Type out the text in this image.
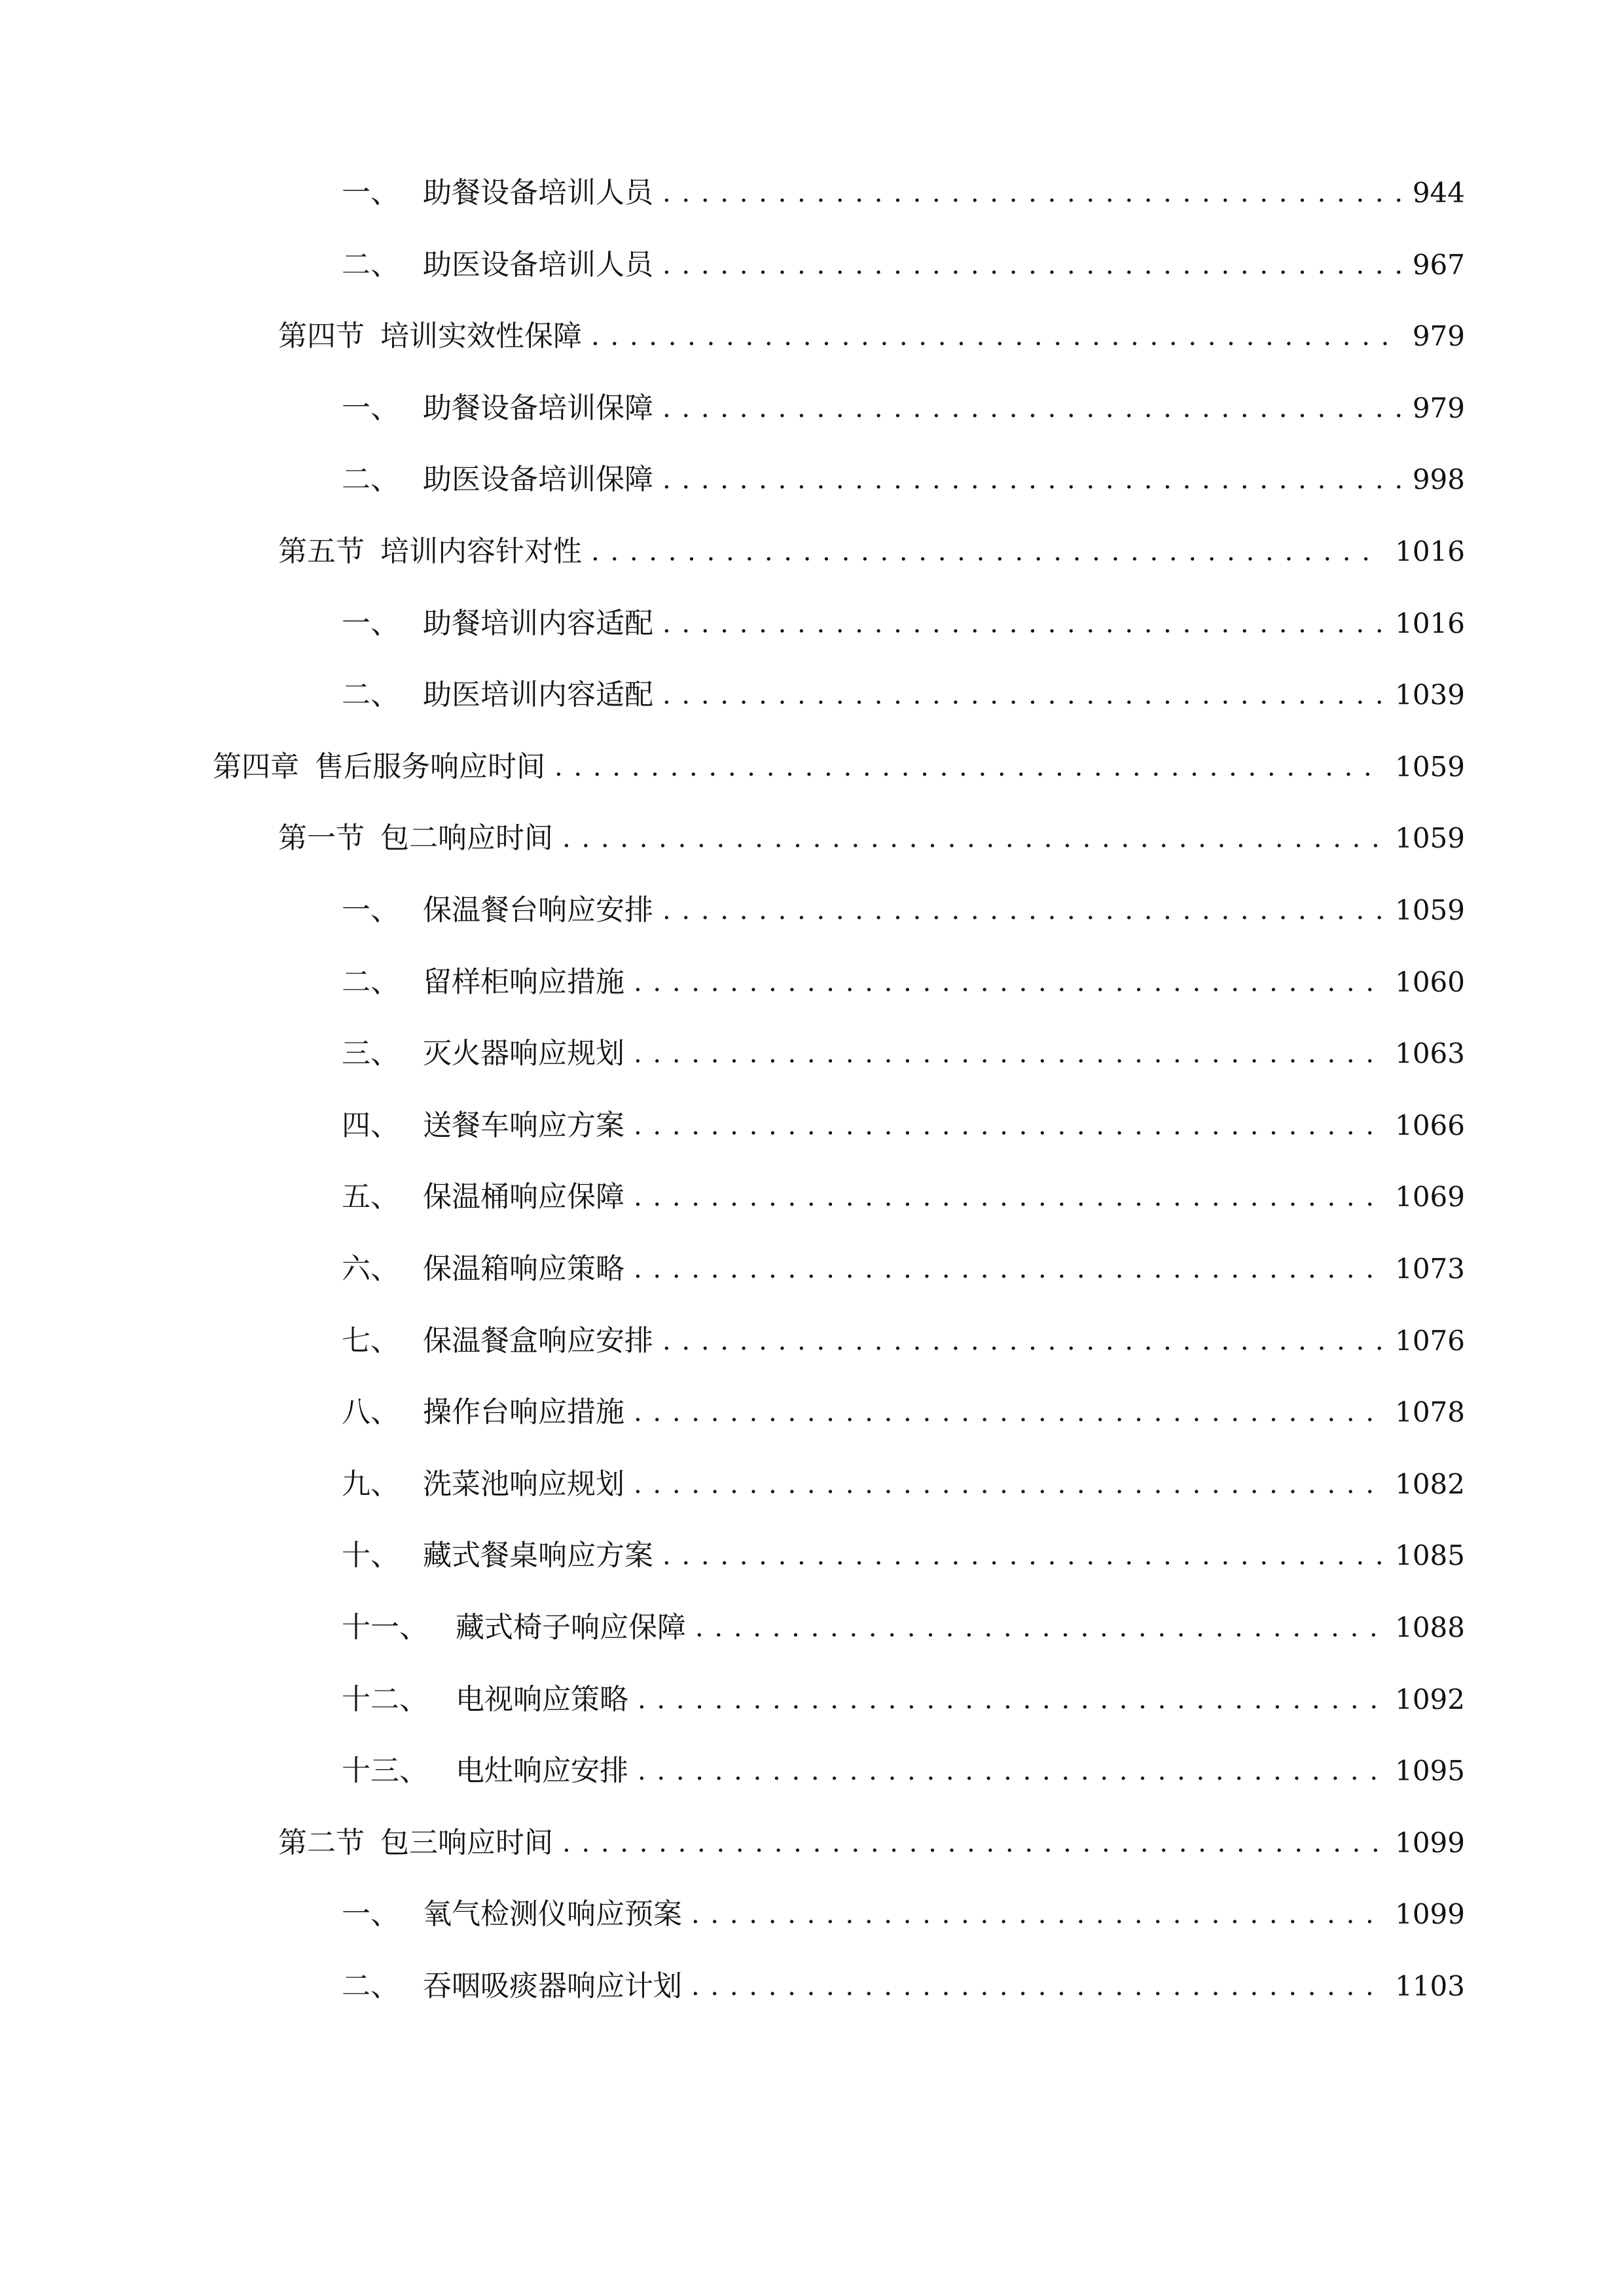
一、 助餐设备培训人员 . . .	944
二、 助医设备培训人员 . . .	967
第四节 培训实效性保障 . . .	979
一、 助餐设备培训保障 . . .	979
二、 助医设备培训保障 . . .	998
第五节 培训内容针对性 . . .	1016
一、 助餐培训内容适配 . . .	1016
二、 助医培训内容适配 . . .	1039
第四章 售后服务响应时间 . . .	1059
第一节 包二响应时间 . . .	1059
一、 保温餐台响应安排 . . .	1059
二、 留样柜响应措施 . . .	1060
三、 灭火器响应规划 . . .	1063
四、 送餐车响应方案 . . .	1066
五、 保温桶响应保障 . . .	1069
六、 保温箱响应策略 . . .	1073
七、 保温餐盒响应安排 . . .	1076
八、 操作台响应措施 . . .	1078
九、 洗菜池响应规划 . . .	1082
十、 藏式餐桌响应方案 . . .	1085
十一、 藏式椅子响应保障 . . .	1088
十二、 电视响应策略 . . .	1092
十三、 电灶响应安排 . . .	1095
第二节 包三响应时间 . . .	1099
一、 氧气检测仪响应预案 . . .	1099
二、 吞咽吸痰器响应计划 . . .	1103
